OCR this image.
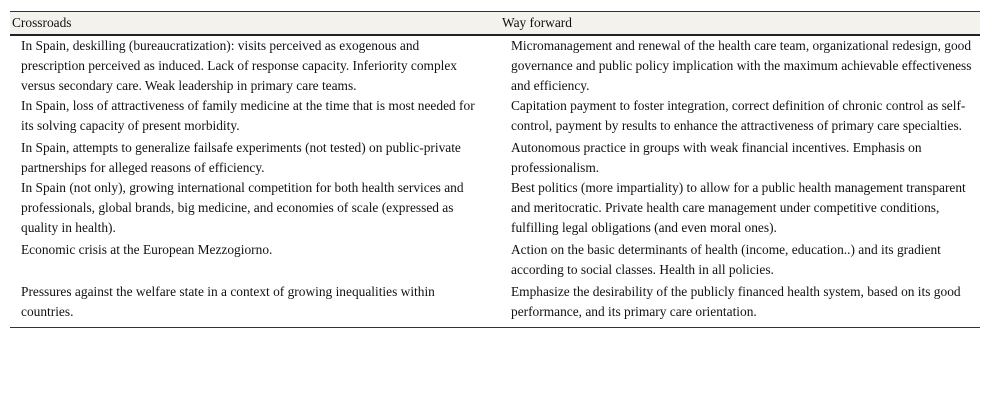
Crossroads	Way forward
In Spain, deskilling (bureaucratization): visits perceived as exogenous and prescription perceived as induced. Lack of response capacity. Inferiority complex versus secondary care. Weak leadership in primary care teams.	Micromanagement and renewal of the health care team, organizational redesign, good governance and public policy implication with the maximum achievable effectiveness and efficiency.
In Spain, loss of attractiveness of family medicine at the time that is most needed for its solving capacity of present morbidity.	Capitation payment to foster integration, correct definition of chronic control as self-control, payment by results to enhance the attractiveness of primary care specialties.
In Spain, attempts to generalize failsafe experiments (not tested) on public-private partnerships for alleged reasons of efficiency.	Autonomous practice in groups with weak financial incentives. Emphasis on professionalism.
In Spain (not only), growing international competition for both health services and professionals, global brands, big medicine, and economies of scale (expressed as quality in health).	Best politics (more impartiality) to allow for a public health management transparent and meritocratic. Private health care management under competitive conditions, fulfilling legal obligations (and even moral ones).
Economic crisis at the European Mezzogiorno.	Action on the basic determinants of health (income, education..) and its gradient according to social classes. Health in all policies.
Pressures against the welfare state in a context of growing inequalities within countries.	Emphasize the desirability of the publicly financed health system, based on its good performance, and its primary care orientation.
